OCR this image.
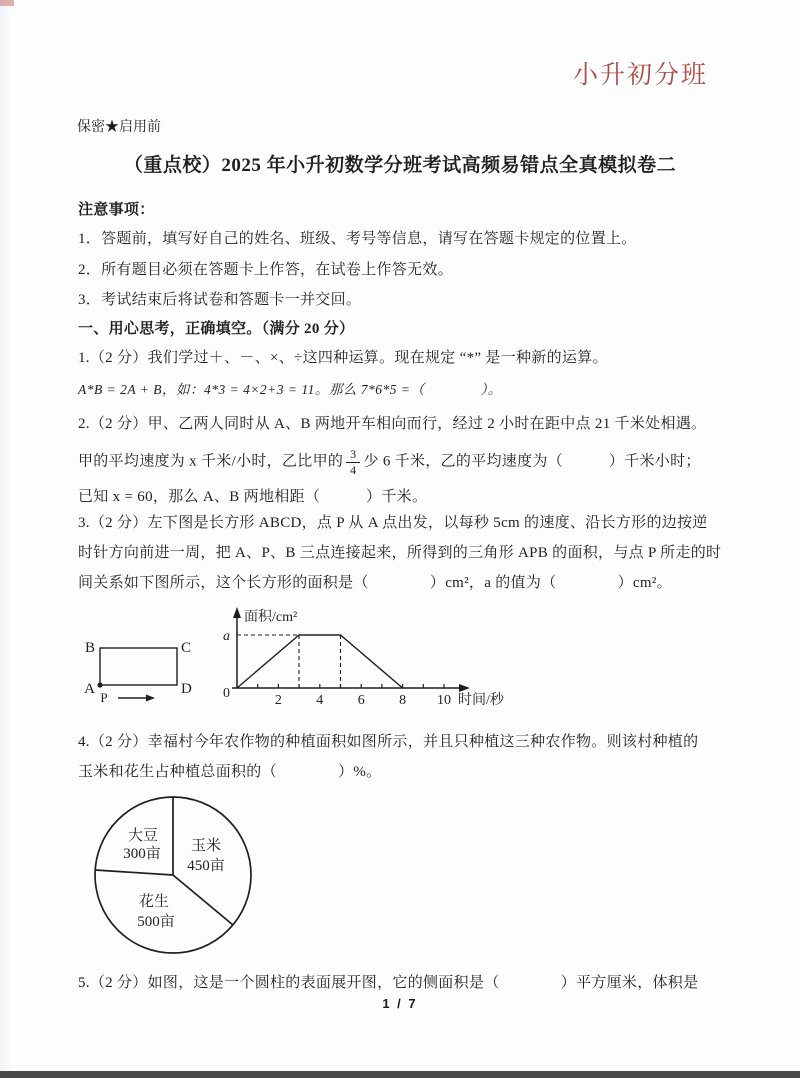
小升初分班
保密★启用前
（重点校）2025 年小升初数学分班考试高频易错点全真模拟卷二
注意事项：
1．答题前，填写好自己的姓名、班级、考号等信息，请写在答题卡规定的位置上。
2．所有题目必须在答题卡上作答，在试卷上作答无效。
3．考试结束后将试卷和答题卡一并交回。
一、用心思考，正确填空。（满分 20 分）
1.（2 分）我们学过＋、－、×、÷这四种运算。现在规定 “*” 是一种新的运算。
A*B = 2A + B，如：4*3 = 4×2+3 = 11。那么 7*6*5 =（　　　　）。
2.（2 分）甲、乙两人同时从 A、B 两地开车相向而行，经过 2 小时在距中点 21 千米处相遇。
甲的平均速度为 x 千米/小时，乙比甲的 $\frac{3}{4}$ 少 6 千米，乙的平均速度为（　　　）千米小时；
已知 x = 60，那么 A、B 两地相距（　　　）千米。
3.（2 分）左下图是长方形 ABCD，点 P 从 A 点出发，以每秒 5cm 的速度、沿长方形的边按逆
时针方向前进一周，把 A、P、B 三点连接起来，所得到的三角形 APB 的面积，与点 P 所走的时
间关系如下图所示，这个长方形的面积是（　　　　）cm²，a 的值为（　　　　）cm²。
B	C
A	D
P
面积/cm²
a
0	2 4 6 8 10 时间/秒
4.（2 分）幸福村今年农作物的种植面积如图所示，并且只种植这三种农作物。则该村种植的
玉米和花生占种植总面积的（　　　　）%。
玉米
450亩
花生
500亩
大豆
300亩
5.（2 分）如图，这是一个圆柱的表面展开图，它的侧面积是（　　　　）平方厘米，体积是
1 / 7
